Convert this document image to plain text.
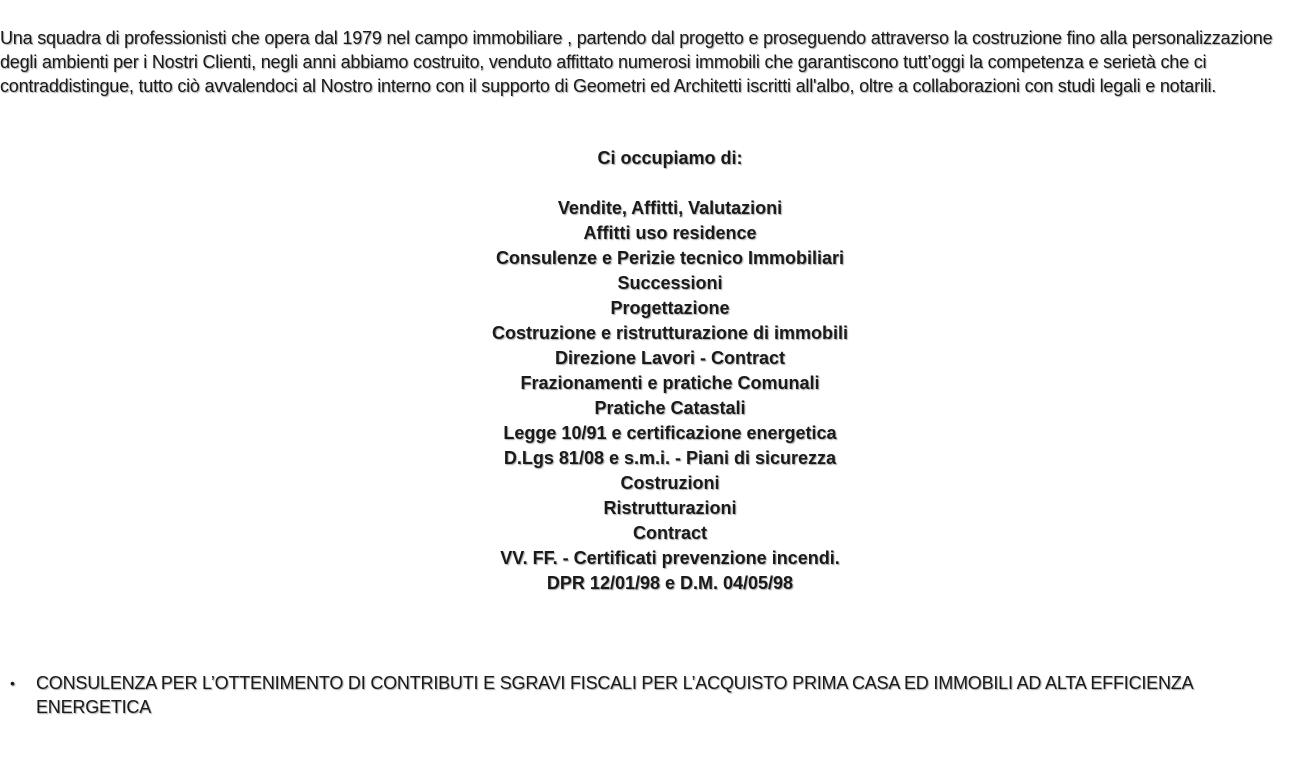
Una squadra di professionisti che opera dal 1979 nel campo immobiliare , partendo dal progetto e proseguendo attraverso la costruzione fino alla personalizzazione degli ambienti per i Nostri Clienti, negli anni abbiamo costruito, venduto affittato numerosi immobili che garantiscono tutt’oggi la competenza e serietà che ci contraddistingue, tutto ciò avvalendoci al Nostro interno con il supporto di Geometri ed Architetti iscritti all'albo, oltre a collaborazioni con studi legali e notarili.

Ci occupiamo di:

Vendite, Affitti, Valutazioni
Affitti uso residence
Consulenze e Perizie tecnico Immobiliari
Successioni
Progettazione
Costruzione e ristrutturazione di immobili
Direzione Lavori - Contract
Frazionamenti e pratiche Comunali
Pratiche Catastali
Legge 10/91 e certificazione energetica
D.Lgs 81/08 e s.m.i. - Piani di sicurezza
Costruzioni
Ristrutturazioni
Contract
VV. FF. - Certificati prevenzione incendi.
DPR 12/01/98 e D.M. 04/05/98
• CONSULENZA PER L’OTTENIMENTO DI CONTRIBUTI E SGRAVI FISCALI PER L’ACQUISTO PRIMA CASA ED IMMOBILI AD ALTA EFFICIENZA ENERGETICA
